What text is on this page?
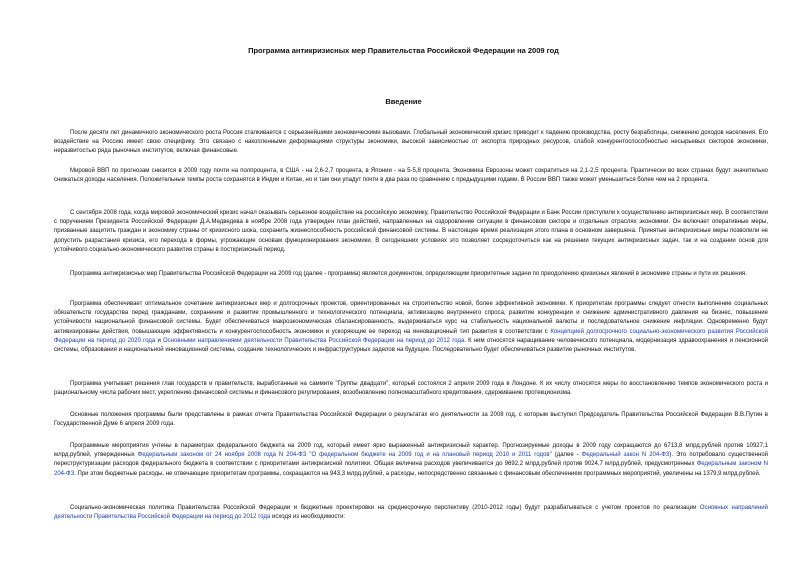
Программа антикризисных мер Правительства Российской Федерации на 2009 год
Введение
После десяти лет динамичного экономического роста Россия сталкивается с серьезнейшими экономическими вызовами. Глобальный экономический кризис приводит к падению производства, росту безработицы, снижению доходов населения. Его воздействие на Россию имеет свою специфику. Это связано с накопленными деформациями структуры экономики, высокой зависимостью от экспорта природных ресурсов, слабой конкурентоспособностью несырьевых секторов экономики, неразвитостью ряда рыночных институтов, включая финансовые.
Мировой ВВП по прогнозам снизится в 2009 году почти на полпроцента, в США - на 2,6-2,7 процента, в Японии - на 5-5,8 процента. Экономика Еврозоны может сократиться на 2,1-2,5 процента. Практически во всех странах будут значительно снижаться доходы населения. Положительные темпы роста сохранятся в Индии и Китае, но и там они упадут почти в два раза по сравнению с предыдущими годами. В России ВВП также может уменьшиться более чем на 2 процента.
С сентября 2008 года, когда мировой экономический кризис начал оказывать серьезное воздействие на российскую экономику, Правительство Российской Федерации и Банк России приступили к осуществлению антикризисных мер. В соответствии с поручением Президента Российской Федерации Д.А.Медведева в ноябре 2008 года утвержден план действий, направленных на оздоровление ситуации в финансовом секторе и отдельных отраслях экономики. Он включает оперативные меры, призванные защитить граждан и экономику страны от кризисного шока, сохранить жизнеспособность российской финансовой системы. В настоящее время реализация этого плана в основном завершена. Принятые антикризисные меры позволили не допустить разрастания кризиса, его перехода в формы, угрожающие основам функционирования экономики. В сегодняшних условиях это позволяет сосредоточиться как на решении текущих антикризисных задач, так и на создании основ для устойчивого социально-экономического развития страны в посткризисный период.
Программа антикризисных мер Правительства Российской Федерации на 2009 год (далее - программа) является документом, определяющим приоритетные задачи по преодолению кризисных явлений в экономике страны и пути их решения.
Программа обеспечивает оптимальное сочетание антикризисных мер и долгосрочных проектов, ориентированных на строительство новой, более эффективной экономики. К приоритетам программы следует отнести выполнение социальных обязательств государства перед гражданами, сохранение и развитие промышленного и технологического потенциала, активизацию внутреннего спроса, развитие конкуренции и снижение административного давления на бизнес, повышение устойчивости национальной финансовой системы. Будет обеспечиваться макроэкономическая сбалансированность, выдерживаться курс на стабильность национальной валюты и последовательное снижение инфляции. Одновременно будут активизированы действия, повышающие эффективность и конкурентоспособность экономики и ускоряющие ее переход на инновационный тип развития в соответствии с Концепцией долгосрочного социально-экономического развития Российской Федерации на период до 2020 года и Основными направлениями деятельности Правительства Российской Федерации на период до 2012 года. К ним относятся наращивание человеческого потенциала, модернизация здравоохранения и пенсионной системы, образования и национальной инновационной системы, создание технологических и инфраструктурных заделов на будущее. Последовательно будет обеспечиваться развитие рыночных институтов.
Программа учитывает решения глав государств и правительств, выработанные на саммите "Группы двадцати", который состоялся 2 апреля 2009 года в Лондоне. К их числу относятся меры по восстановлению темпов экономического роста и рациональному числа рабочих мест, укреплению финансовой системы и финансового регулирования, возобновлению полномасштабного кредитования, сдерживанию протекционизма.
Основные положения программы были представлены в рамках отчета Правительства Российской Федерации о результатах его деятельности за 2008 год, с которым выступил Председатель Правительства Российской Федерации В.В.Путин в Государственной Думе 6 апреля 2009 года.
Программные мероприятия учтены в параметрах федерального бюджета на 2009 год, который имеет ярко выраженный антикризисный характер. Прогнозируемые доходы в 2009 году сокращаются до 6713,8 млрд.рублей против 10927,1 млрд.рублей, утвержденных Федеральным законом от 24 ноября 2008 года N 204-ФЗ "О федеральном бюджете на 2009 год и на плановый период 2010 и 2011 годов" (далее - Федеральный закон N 204-ФЗ). Это потребовало существенной переструктуризации расходов федерального бюджета в соответствии с приоритетами антикризисной политики. Общая величина расходов увеличивается до 9692,2 млрд.рублей против 9024,7 млрд.рублей, предусмотренных Федеральным законом N 204-ФЗ. При этом бюджетные расходы, не отвечающие приоритетам программы, сокращаются на 943,3 млрд.рублей, а расходы, непосредственно связанные с финансовым обеспечением программных мероприятий, увеличены на 1379,9 млрд.рублей.
Социально-экономическая политика Правительства Российской Федерации и бюджетные проектировки на среднесрочную перспективу (2010-2012 годы) будут разрабатываться с учетом проектов по реализации Основных направлений деятельности Правительства Российской Федерации на период до 2012 года исходя из необходимости:
